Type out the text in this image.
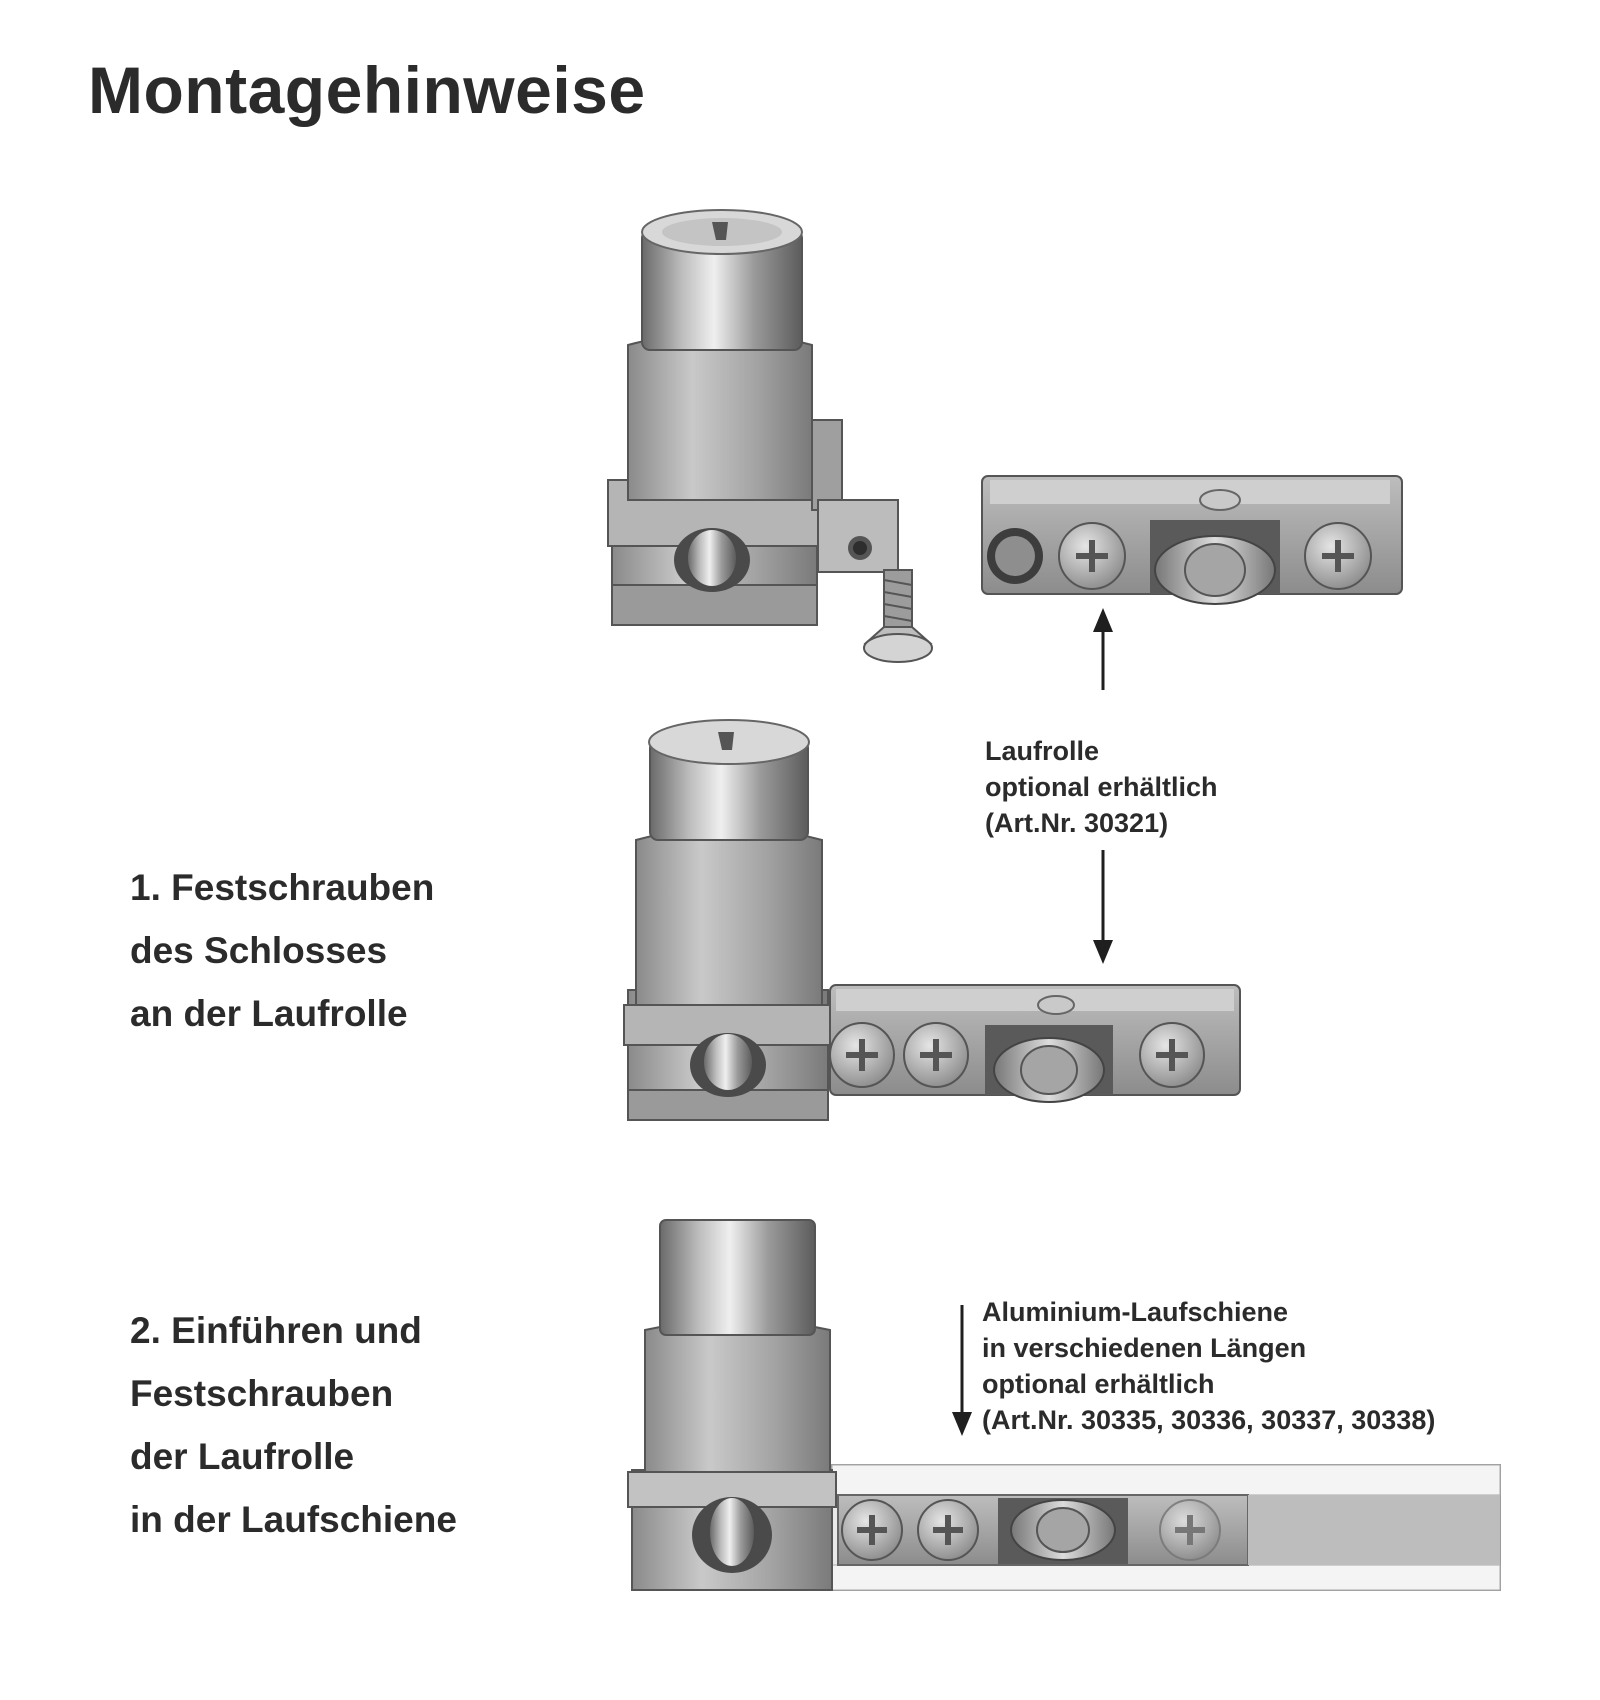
Montagehinweise
Laufrolle
optional erhältlich
(Art.Nr. 30321)
1. Festschrauben
des Schlosses
an der Laufrolle
Aluminium-Laufschiene
in verschiedenen Längen
optional erhältlich
(Art.Nr. 30335, 30336, 30337, 30338)
2. Einführen und
Festschrauben
der Laufrolle
in der Laufschiene
